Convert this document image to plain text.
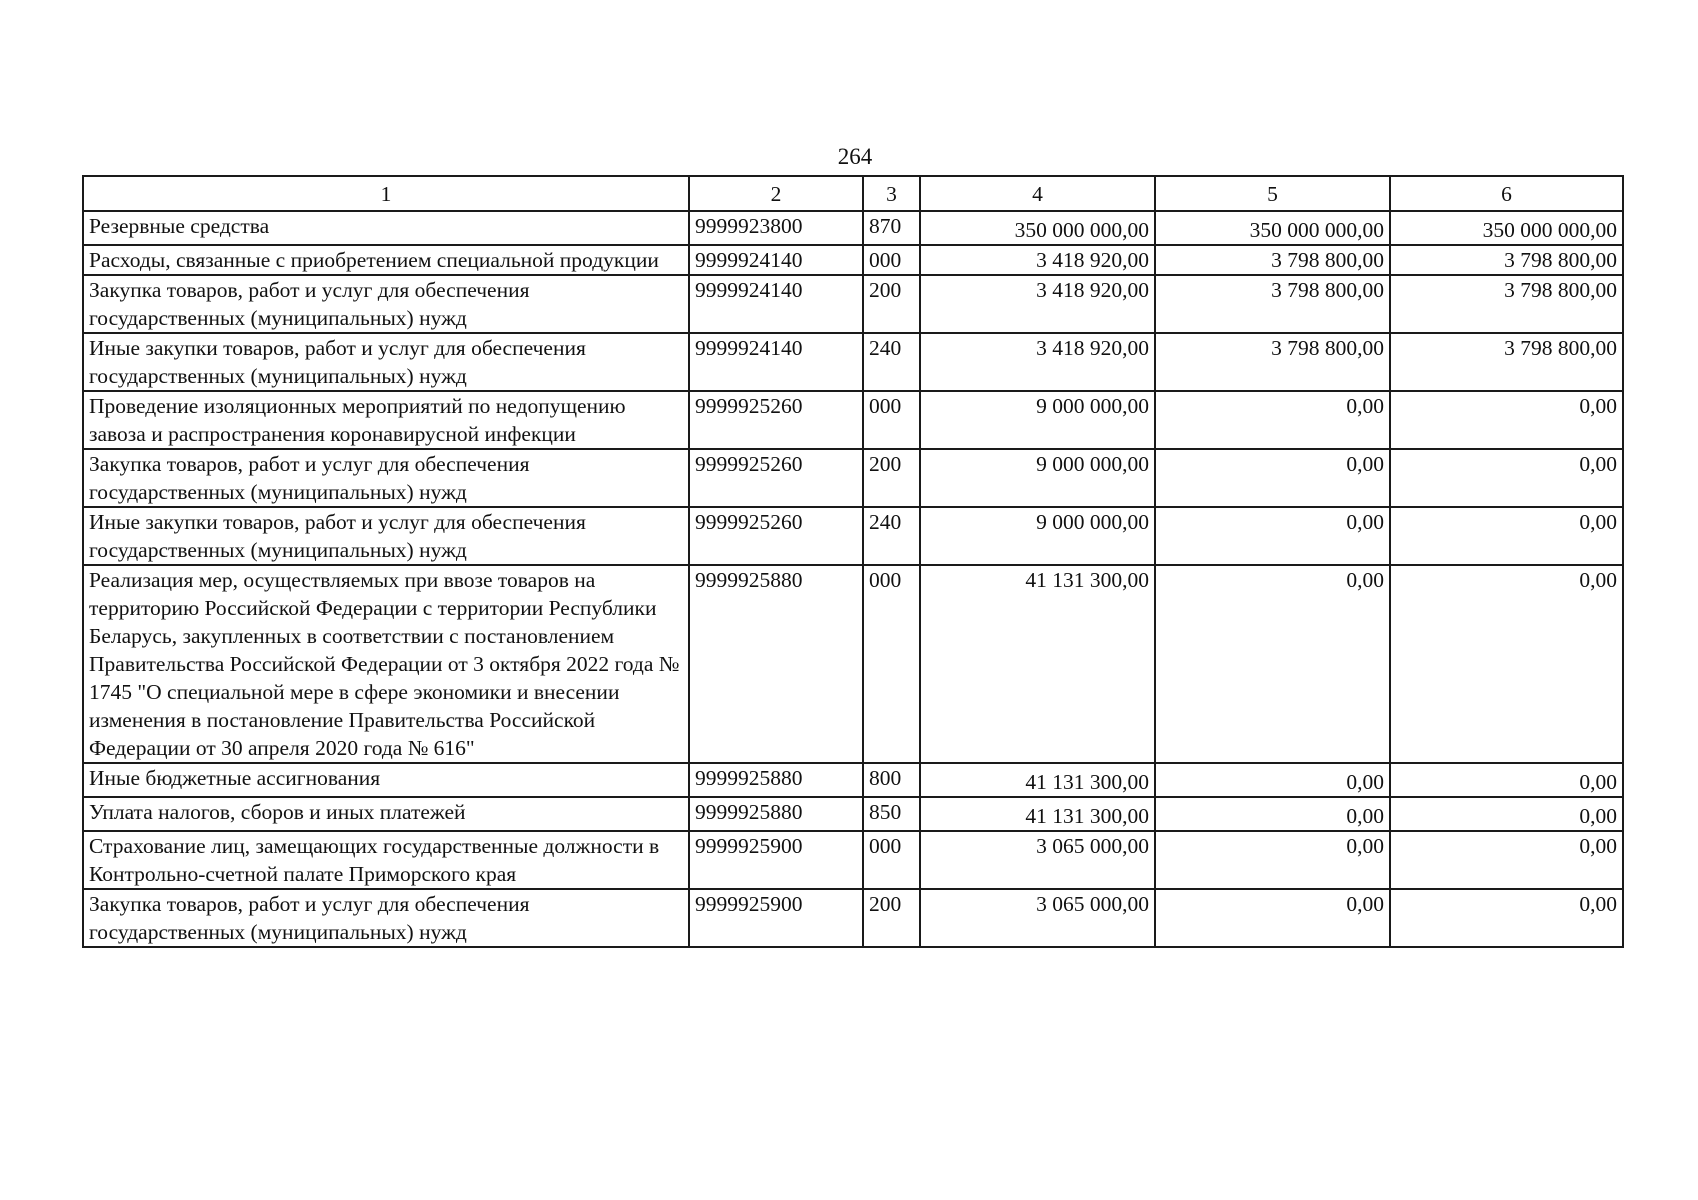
264
1	2	3	4	5	6
Резервные средства	9999923800	870	350 000 000,00	350 000 000,00	350 000 000,00
Расходы, связанные с приобретением специальной продукции	9999924140	000	3 418 920,00	3 798 800,00	3 798 800,00
Закупка товаров, работ и услуг для обеспечения государственных (муниципальных) нужд	9999924140	200	3 418 920,00	3 798 800,00	3 798 800,00
Иные закупки товаров, работ и услуг для обеспечения государственных (муниципальных) нужд	9999924140	240	3 418 920,00	3 798 800,00	3 798 800,00
Проведение изоляционных мероприятий по недопущению завоза и распространения коронавирусной инфекции	9999925260	000	9 000 000,00	0,00	0,00
Закупка товаров, работ и услуг для обеспечения государственных (муниципальных) нужд	9999925260	200	9 000 000,00	0,00	0,00
Иные закупки товаров, работ и услуг для обеспечения государственных (муниципальных) нужд	9999925260	240	9 000 000,00	0,00	0,00
Реализация мер, осуществляемых при ввозе товаров на территорию Российской Федерации с территории Республики Беларусь, закупленных в соответствии с постановлением Правительства Российской Федерации от 3 октября 2022 года № 1745 "О специальной мере в сфере экономики и внесении изменения в постановление Правительства Российской Федерации от 30 апреля 2020 года № 616"	9999925880	000	41 131 300,00	0,00	0,00
Иные бюджетные ассигнования	9999925880	800	41 131 300,00	0,00	0,00
Уплата налогов, сборов и иных платежей	9999925880	850	41 131 300,00	0,00	0,00
Страхование лиц, замещающих государственные должности в Контрольно-счетной палате Приморского края	9999925900	000	3 065 000,00	0,00	0,00
Закупка товаров, работ и услуг для обеспечения государственных (муниципальных) нужд	9999925900	200	3 065 000,00	0,00	0,00
